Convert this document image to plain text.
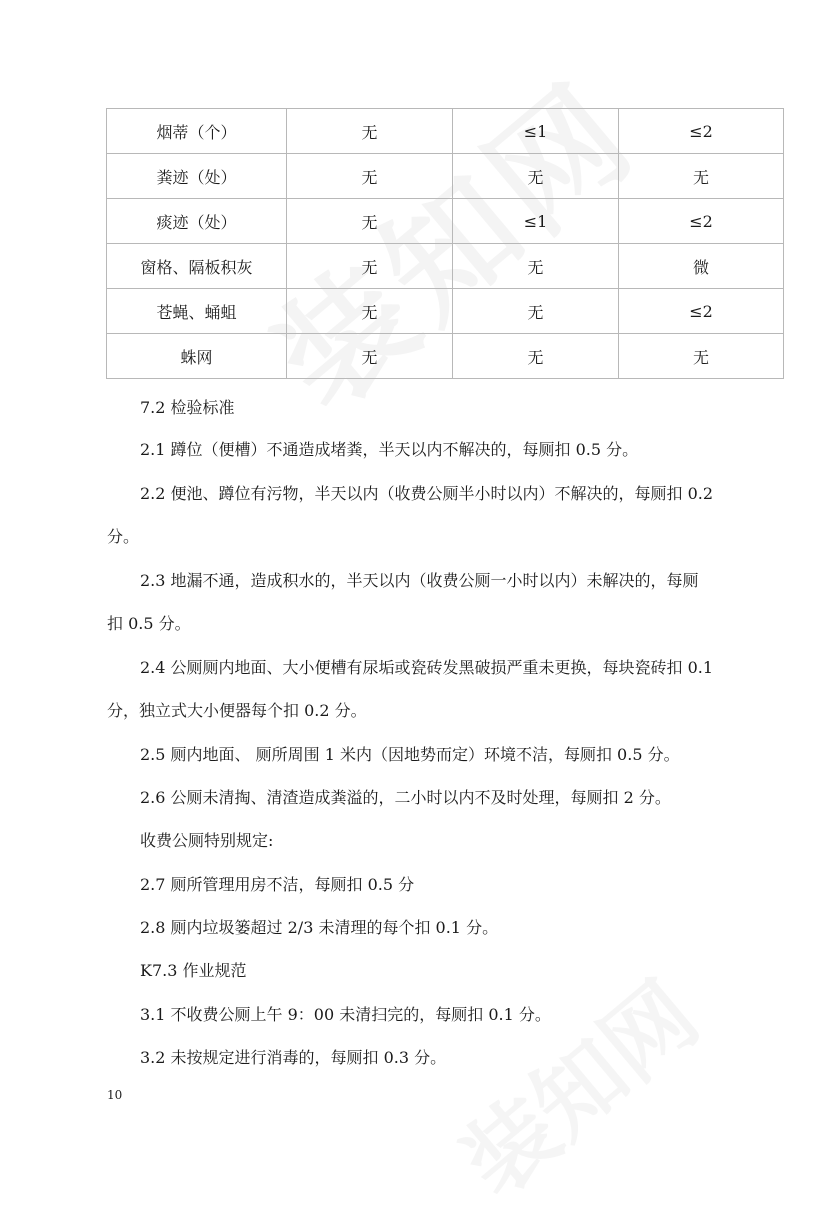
烟蒂（个）	无	≤1	≤2
粪迹（处）	无	无	无
痰迹（处）	无	≤1	≤2
窗格、隔板积灰	无	无	微
苍蝇、蛹蛆	无	无	≤2
蛛网	无	无	无
7.2 检验标准
2.1 蹲位（便槽）不通造成堵粪，半天以内不解决的，每厕扣 0.5 分。
2.2 便池、蹲位有污物，半天以内（收费公厕半小时以内）不解决的，每厕扣 0.2
分。
2.3 地漏不通，造成积水的，半天以内（收费公厕一小时以内）未解决的，每厕
扣 0.5 分。
2.4 公厕厕内地面、大小便槽有尿垢或瓷砖发黑破损严重未更换，每块瓷砖扣 0.1
分，独立式大小便器每个扣 0.2 分。
2.5 厕内地面、 厕所周围 1 米内（因地势而定）环境不洁，每厕扣 0.5 分。
2.6 公厕未清掏、清渣造成粪溢的，二小时以内不及时处理，每厕扣 2 分。
收费公厕特别规定:
2.7 厕所管理用房不洁，每厕扣 0.5 分
2.8 厕内垃圾篓超过 2/3 未清理的每个扣 0.1 分。
K7.3 作业规范
3.1 不收费公厕上午 9：00 未清扫完的，每厕扣 0.1 分。
3.2 未按规定进行消毒的，每厕扣 0.3 分。
10
